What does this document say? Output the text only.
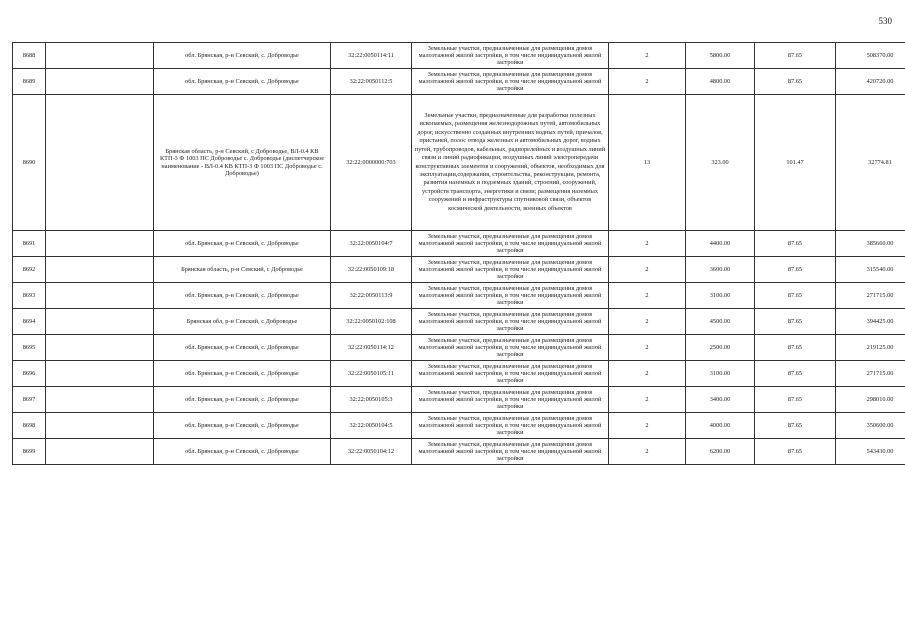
530
8688		обл. Брянская, р-н Севский, с. Доброводье	32:22:0050114:11	Земельные участки, предназначенные для размещения домов малоэтажной жилой застройки, в том числе индивидуальной жилой застройки	2	5800.00	87.65	508370.00
8689		обл. Брянская, р-н Севский, с. Доброводье	32:22:0050112:5	Земельные участки, предназначенные для размещения домов малоэтажной жилой застройки, в том числе индивидуальной жилой застройки	2	4800.00	87.65	420720.00
8690		Брянская область, р-н Севский, с Доброводье, ВЛ-0.4 КВ КТП-3 Ф 1003 ПС Доброводье с. Доброводье (диспетчерское наименование - ВЛ-0.4 КВ КТП-3 Ф 1003 ПС Доброводье с. Доброводье)	32:22:0000000:703	Земельные участки, предназначенные для разработки полезных ископаемых, размещения железнодорожных путей, автомобильных дорог, искусственно созданных внутренних водных путей, причалов, пристаней, полос отвода железных и автомобильных дорог, водных путей, трубопроводов, кабельных, радиорелейных и воздушных линий связи и линий радиофикации, воздушных линий электропередачи конструктивных элементов и сооружений, объектов, необходимых для эксплуатации,содержания, строительства, реконструкции, ремонта, развития наземных и подземных зданий, строений, сооружений, устройств транспорта, энергетики и связи; размещения наземных сооружений и инфраструктуры спутниковой связи, объектов космической деятельности, военных объектов	13	323.00	101.47	32774.81
8691		обл. Брянская, р-н Севский, с. Доброводье	32:22:0050104:7	Земельные участки, предназначенные для размещения домов малоэтажной жилой застройки, в том числе индивидуальной жилой застройки	2	4400.00	87.65	385660.00
8692		Брянская область, р-н Севский, с Доброводье	32:22:0050109:18	Земельные участки, предназначенные для размещения домов малоэтажной жилой застройки, в том числе индивидуальной жилой застройки	2	3600.00	87.65	315540.00
8693		обл. Брянская, р-н Севский, с. Доброводье	32:22:0050113:9	Земельные участки, предназначенные для размещения домов малоэтажной жилой застройки, в том числе индивидуальной жилой застройки	2	3100.00	87.65	271715.00
8694		Брянская обл, р-н Севский, с Доброводье	32:22:0050102:108	Земельные участки, предназначенные для размещения домов малоэтажной жилой застройки, в том числе индивидуальной жилой застройки	2	4500.00	87.65	394425.00
8695		обл. Брянская, р-н Севский, с. Доброводье	32:22:0050114:12	Земельные участки, предназначенные для размещения домов малоэтажной жилой застройки, в том числе индивидуальной жилой застройки	2	2500.00	87.65	219125.00
8696		обл. Брянская, р-н Севский, с. Доброводье	32:22:0050105:11	Земельные участки, предназначенные для размещения домов малоэтажной жилой застройки, в том числе индивидуальной жилой застройки	2	3100.00	87.65	271715.00
8697		обл. Брянская, р-н Севский, с. Доброводье	32:22:0050105:3	Земельные участки, предназначенные для размещения домов малоэтажной жилой застройки, в том числе индивидуальной жилой застройки	2	3400.00	87.65	298010.00
8698		обл. Брянская, р-н Севский, с. Доброводье	32:22:0050104:5	Земельные участки, предназначенные для размещения домов малоэтажной жилой застройки, в том числе индивидуальной жилой застройки	2	4000.00	87.65	350600.00
8699		обл. Брянская, р-н Севский, с. Доброводье	32:22:0050104:12	Земельные участки, предназначенные для размещения домов малоэтажной жилой застройки, в том числе индивидуальной жилой застройки	2	6200.00	87.65	543430.00
